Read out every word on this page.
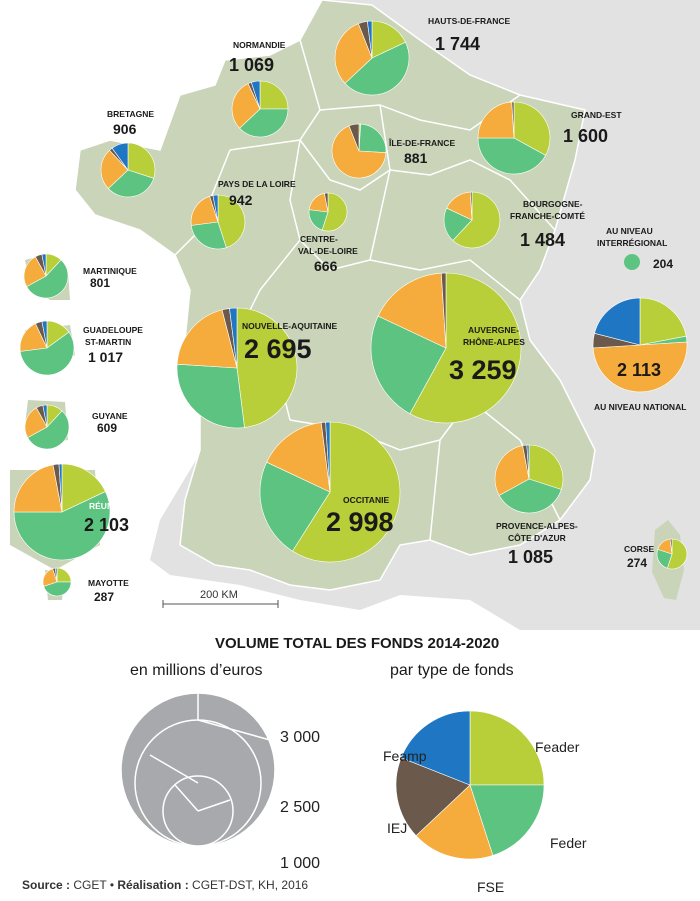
200 KM
HAUTS-DE-FRANCE
1 744
NORMANDIE
1 069
BRETAGNE
906
GRAND-EST
1 600
ÎLE-DE-FRANCE
881
PAYS DE LA LOIRE
942
CENTRE-
VAL-DE-LOIRE
666
BOURGOGNE-
FRANCHE-COMTÉ
1 484	AU NIVEAU
INTERRÉGIONAL
204
MARTINIQUE
801
GUADELOUPE
ST-MARTIN
1 017
NOUVELLE-AQUITAINE
2 695
AUVERGNE-
RHÔNE-ALPES
3 259	2 113
AU NIVEAU NATIONAL
GUYANE
609
OCCITANIE
2 998	PROVENCE-ALPES-
CÔTE D'AZUR
1 085
RÉUNION
2 103
CORSE
274
MAYOTTE
287
VOLUME TOTAL DES FONDS 2014-2020
en millions d’euros	par type de fonds
3 000
2 500
1 000
Feamp
Feader
Feder
IEJ
FSE
Source : CGET • Réalisation : CGET-DST, KH, 2016
